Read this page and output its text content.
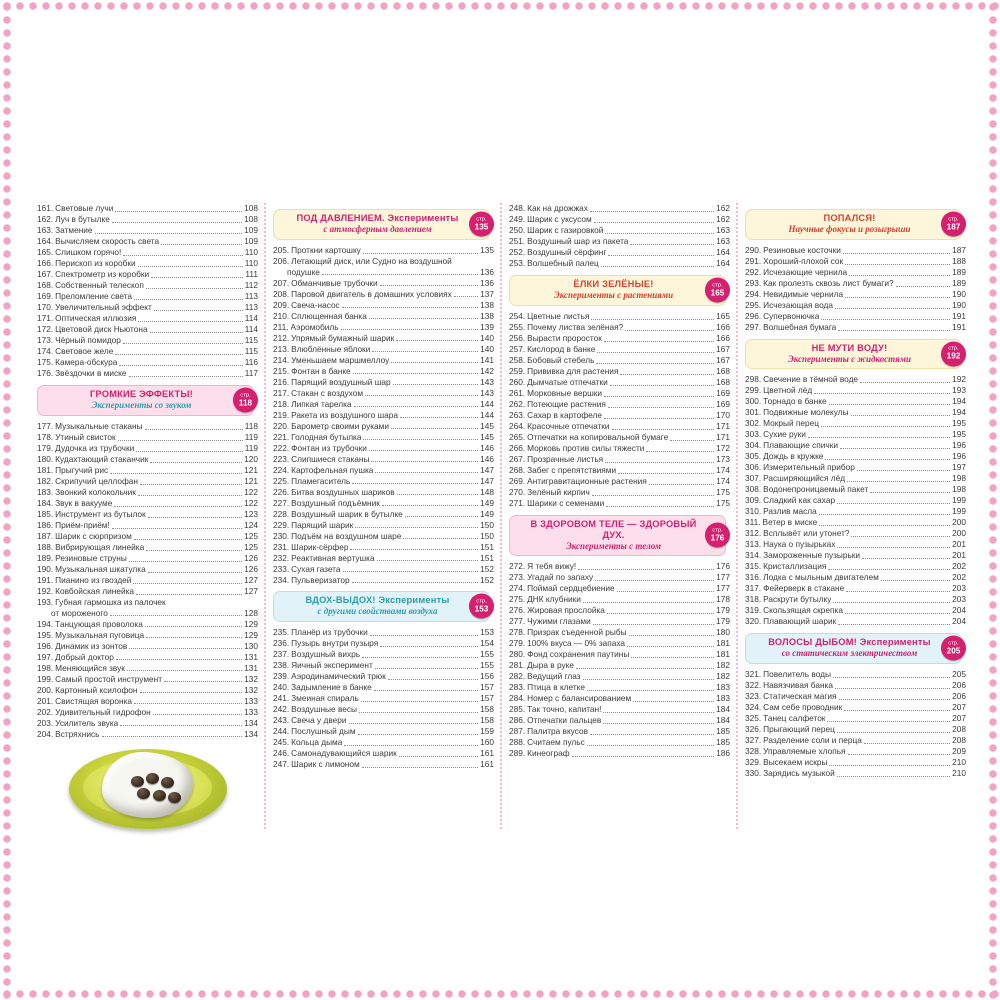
161. Световые лучи	108
162. Луч в бутылке	108
163. Затмение	109
164. Вычисляем скорость света	109
165. Слишком горячо!	110
166. Перископ из коробки	110
167. Спектрометр из коробки	111
168. Собственный телескоп	112
169. Преломление света	113
170. Увеличительный эффект	113
171. Оптическая иллюзия	114
172. Цветовой диск Ньютона	114
173. Чёрный помидор	115
174. Световое желе	115
175. Камера-обскура	116
176. Звёздочки в миске	117
ГРОМКИЕ ЭФФЕКТЫ!
Эксперименты со звуком
стр.
118
177. Музыкальные стаканы	118
178. Утиный свисток	119
179. Дудочка из трубочки	119
180. Кудахтающий стаканчик	120
181. Прыгучий рис	121
182. Скрипучий целлофан	121
183. Звонкий колокольчик	122
184. Звук в вакууме	122
185. Инструмент из бутылок	123
186. Приём-приём!	124
187. Шарик с сюрпризом	125
188. Вибрирующая линейка	125
189. Резиновые струны	126
190. Музыкальная шкатулка	126
191. Пианино из гвоздей	127
192. Ковбойская линейка	127
193. Губная гармошка из палочек
от мороженого	128
194. Танцующая проволока	129
195. Музыкальная пуговица	129
196. Динамик из зонтов	130
197. Добрый доктор	131
198. Меняющийся звук	131
199. Самый простой инструмент	132
200. Картонный ксилофон	132
201. Свистящая воронка	133
202. Удивительный гидрофон	133
203. Усилитель звука	134
204. Встряхнись	134
ПОД ДАВЛЕНИЕМ. Эксперименты
с атмосферным давлением
стр.
135
205. Проткни картошку	135
206. Летающий диск, или Судно на воздушной
подушке	136
207. Обманчивые трубочки	136
208. Паровой двигатель в домашних условиях	137
209. Свеча-насос	138
210. Сплющенная банка	138
211. Аэромобиль	139
212. Упрямый бумажный шарик	140
213. Влюблённые яблоки	140
214. Уменьшаем маршмеллоу	141
215. Фонтан в банке	142
216. Парящий воздушный шар	143
217. Стакан с воздухом	143
218. Липкая тарелка	144
219. Ракета из воздушного шара	144
220. Барометр своими руками	145
221. Голодная бутылка	145
222. Фонтан из трубочки	146
223. Слипшиеся стаканы	146
224. Картофельная пушка	147
225. Пламегаситель	147
226. Битва воздушных шариков	148
227. Воздушный подъёмник	149
228. Воздушный шарик в бутылке	149
229. Парящий шарик	150
230. Подъём на воздушном шаре	150
231. Шарик-сёрфер	151
232. Реактивная вертушка	151
233. Сухая газета	152
234. Пульверизатор	152
ВДОХ-ВЫДОХ! Эксперименты
с другими свойствами воздуха
стр.
153
235. Планёр из трубочки	153
236. Пузырь внутри пузыря	154
237. Воздушный вихрь	155
238. Яичный эксперимент	155
239. Аэродинамический трюк	156
240. Задымление в банке	157
241. Змеиная спираль	157
242. Воздушные весы	158
243. Свеча у двери	158
244. Послушный дым	159
245. Кольца дыма	160
246. Самонадувающийся шарик	161
247. Шарик с лимоном	161
248. Как на дрожжах	162
249. Шарик с уксусом	162
250. Шарик с газировкой	163
251. Воздушный шар из пакета	163
252. Воздушный сёрфинг	164
253. Волшебный палец	164
ЁЛКИ ЗЕЛЁНЫЕ!
Эксперименты с растениями
стр.
165
254. Цветные листья	165
255. Почему листва зелёная?	166
256. Вырасти проросток	166
257. Кислород в банке	167
258. Бобовый стебель	167
259. Прививка для растения	168
260. Дымчатые отпечатки	168
261. Морковные вершки	169
262. Потеющие растения	169
263. Сахар в картофеле	170
264. Красочные отпечатки	171
265. Отпечатки на копировальной бумаге	171
266. Морковь против силы тяжести	172
267. Прозрачные листья	173
268. Забег с препятствиями	174
269. Антигравитационные растения	174
270. Зелёный кирпич	175
271. Шарики с семенами	175
В ЗДОРОВОМ ТЕЛЕ — ЗДОРОВЫЙ ДУХ.
Эксперименты с телом
стр.
176
272. Я тебя вижу!	176
273. Угадай по запаху	177
274. Поймай сердцебиение	177
275. ДНК клубники	178
276. Жировая прослойка	179
277. Чужими глазами	179
278. Призрак съеденной рыбы	180
279. 100% вкуса — 0% запаха	181
280. Фонд сохранения паутины	181
281. Дыра в руке	182
282. Ведущий глаз	182
283. Птица в клетке	183
284. Номер с балансированием	183
285. Так точно, капитан!	184
286. Отпечатки пальцев	184
287. Палитра вкусов	185
288. Считаем пульс	185
289. Кинеограф	186
ПОПАЛСЯ!
Научные фокусы и розыгрыши
стр.
187
290. Резиновые косточки	187
291. Хороший-плохой сок	188
292. Исчезающие чернила	189
293. Как пролезть сквозь лист бумаги?	189
294. Невидимые чернила	190
295. Исчезающая вода	190
296. Супервонючка	191
297. Волшебная бумага	191
НЕ МУТИ ВОДУ!
Эксперименты с жидкостями
стр.
192
298. Свечение в тёмной воде	192
299. Цветной лёд	193
300. Торнадо в банке	194
301. Подвижные молекулы	194
302. Мокрый перец	195
303. Сухие руки	195
304. Плавающие спички	196
305. Дождь в кружке	196
306. Измерительный прибор	197
307. Расширяющийся лёд	198
308. Водонепроницаемый пакет	198
309. Сладкий как сахар	199
310. Разлив масла	199
311. Ветер в миске	200
312. Всплывёт или утонет?	200
313. Наука о пузырьках	201
314. Замороженные пузырьки	201
315. Кристаллизация	202
316. Лодка с мыльным двигателем	202
317. Фейерверк в стакане	203
318. Раскрути бутылку	203
319. Скользящая скрепка	204
320. Плавающий шарик	204
ВОЛОСЫ ДЫБОМ! Эксперименты
со статическим электричеством
стр.
205
321. Повелитель воды	205
322. Навязчивая банка	206
323. Статическая магия	206
324. Сам себе проводник	207
325. Танец салфеток	207
326. Прыгающий перец	208
327. Разделение соли и перца	208
328. Управляемые хлопья	209
329. Высекаем искры	210
330. Зарядись музыкой	210
